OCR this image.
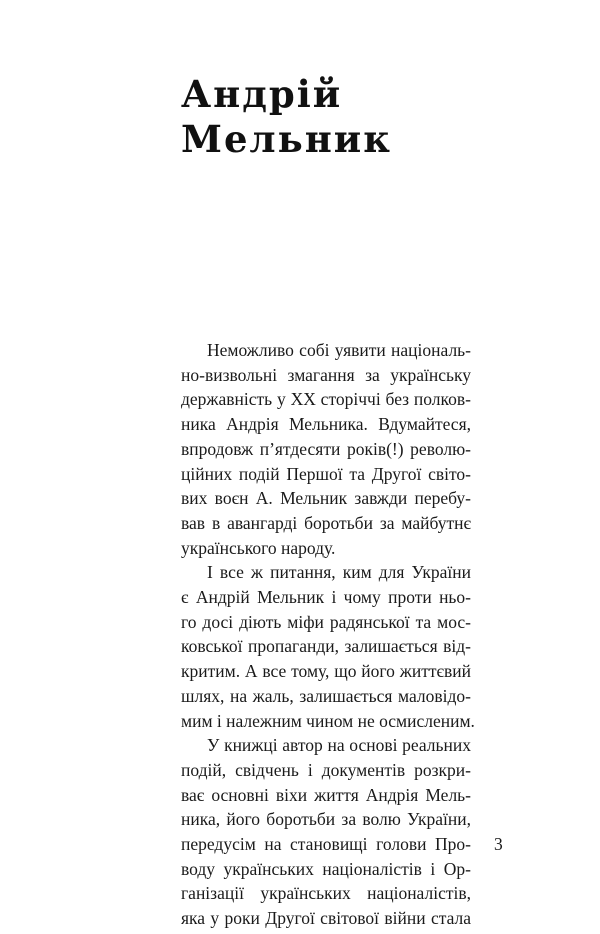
Андрій
Мельник
Неможливо собі уявити національ-
но-визвольні змагання за українську
державність у ХХ сторіччі без полков-
ника Андрія Мельника. Вдумайтеся,
впродовж п’ятдесяти років(!) револю-
ційних подій Першої та Другої світо-
вих воєн А. Мельник завжди перебу-
вав в авангарді боротьби за майбутнє
українського народу.
І все ж питання, ким для України
є Андрій Мельник і чому проти ньо-
го досі діють міфи радянської та мос-
ковської пропаганди, залишається від-
критим. А все тому, що його життєвий
шлях, на жаль, залишається маловідо-
мим і належним чином не осмисленим.
У книжці автор на основі реальних
подій, свідчень і документів розкри-
ває основні віхи життя Андрія Мель-
ника, його боротьби за волю України,
передусім на становищі голови Про-
воду українських націоналістів і Ор-
ганізації українських націоналістів,
яка у роки Другої світової війни стала
3
